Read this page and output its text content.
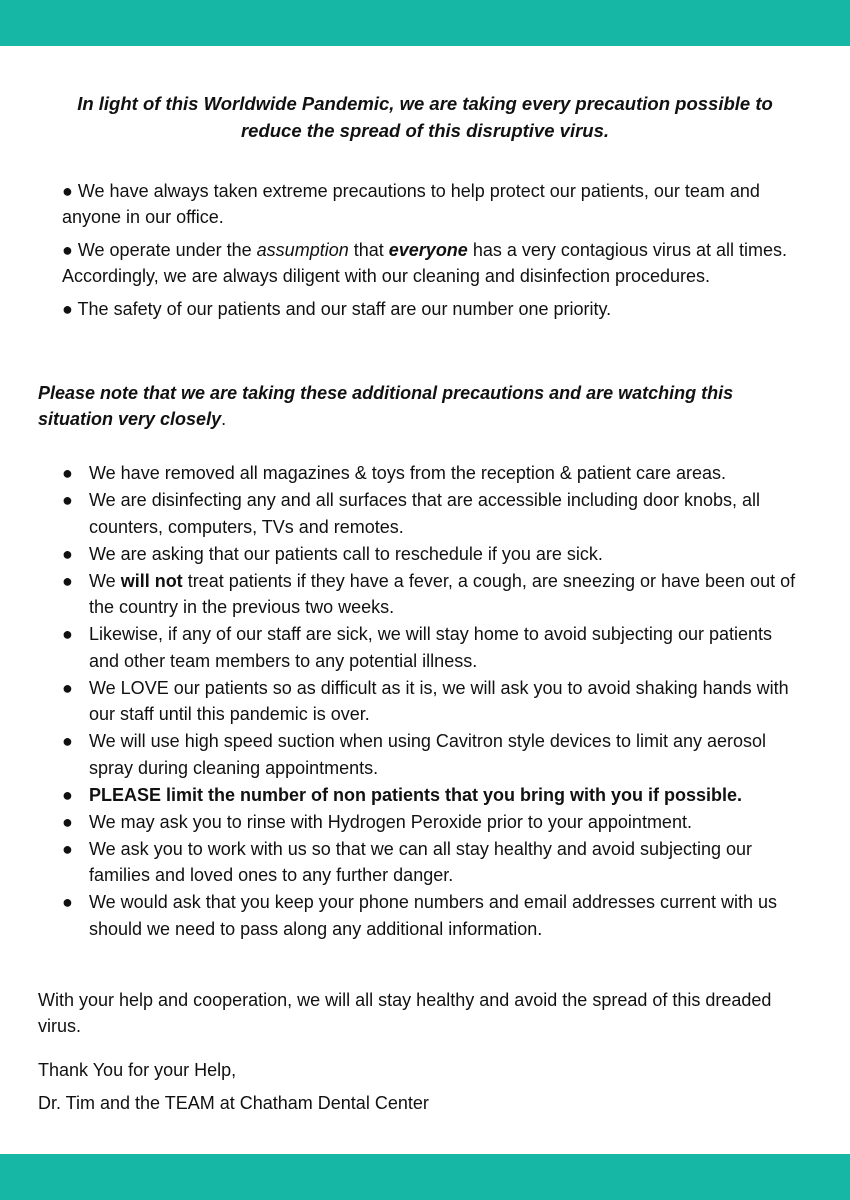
In light of this Worldwide Pandemic, we are taking every precaution possible to
reduce the spread of this disruptive virus.

● We have always taken extreme precautions to help protect our patients, our team and anyone in our office.

● We operate under the assumption that everyone has a very contagious virus at all times. Accordingly, we are always diligent with our cleaning and disinfection procedures.

● The safety of our patients and our staff are our number one priority.

Please note that we are taking these additional precautions and are watching this situation very closely.

● We have removed all magazines & toys from the reception & patient care areas.
● We are disinfecting any and all surfaces that are accessible including door knobs, all counters, computers, TVs and remotes.
● We are asking that our patients call to reschedule if you are sick.
● We will not treat patients if they have a fever, a cough, are sneezing or have been out of the country in the previous two weeks.
● Likewise, if any of our staff are sick, we will stay home to avoid subjecting our patients and other team members to any potential illness.
● We LOVE our patients so as difficult as it is, we will ask you to avoid shaking hands with our staff until this pandemic is over.
● We will use high speed suction when using Cavitron style devices to limit any aerosol spray during cleaning appointments.
● PLEASE limit the number of non patients that you bring with you if possible.
● We may ask you to rinse with Hydrogen Peroxide prior to your appointment.
● We ask you to work with us so that we can all stay healthy and avoid subjecting our families and loved ones to any further danger.
● We would ask that you keep your phone numbers and email addresses current with us should we need to pass along any additional information.

With your help and cooperation, we will all stay healthy and avoid the spread of this dreaded virus.

Thank You for your Help,

Dr. Tim and the TEAM at Chatham Dental Center
